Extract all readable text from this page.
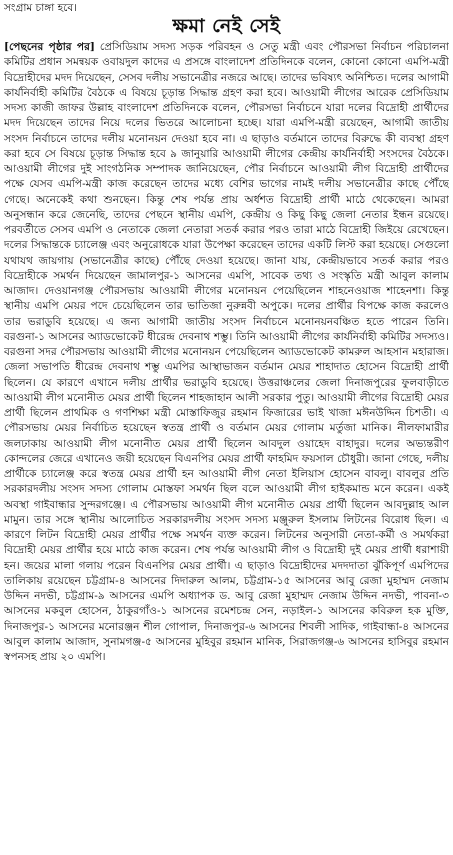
সংগ্রাম চাঙ্গা হবে।
ক্ষমা নেই সেই
[পেছনের পৃষ্ঠার পর] প্রেসিডিয়াম সদস্য সড়ক পরিবহন ও সেতু মন্ত্রী এবং পৌরসভা নির্বাচন পরিচালনা কমিটির প্রধান সমন্বয়ক ওবায়দুল কাদের এ প্রসঙ্গে বাংলাদেশ প্রতিদিনকে বলেন, কোনো কোনো এমপি-মন্ত্রী বিদ্রোহীদের মদদ দিয়েছেন, সেসব দলীয় সভানেত্রীর নজরে আছে। তাদের ভবিষ্যৎ অনিশ্চিত। দলের আগামী কার্যনির্বাহী কমিটির বৈঠকে এ বিষয়ে চূড়ান্ত সিদ্ধান্ত গ্রহণ করা হবে। আওয়ামী লীগের আরেক প্রেসিডিয়াম সদস্য কাজী জাফর উল্লাহ বাংলাদেশ প্রতিদিনকে বলেন, পৌরসভা নির্বাচনে যারা দলের বিদ্রোহী প্রার্থীদের মদদ দিয়েছেন তাদের নিয়ে দলের ভিতরে আলোচনা হচ্ছে। যারা এমপি-মন্ত্রী রয়েছেন, আগামী জাতীয় সংসদ নির্বাচনে তাদের দলীয় মনোনয়ন দেওয়া হবে না। এ ছাড়াও বর্তমানে তাদের বিরুদ্ধে কী ব্যবস্থা গ্রহণ করা হবে সে বিষয়ে চূড়ান্ত সিদ্ধান্ত হবে ৯ জানুয়ারি আওয়ামী লীগের কেন্দ্রীয় কার্যনির্বাহী সংসদের বৈঠকে। আওয়ামী লীগের দুই সাংগঠনিক সম্পাদক জানিয়েছেন, পৌর নির্বাচনে আওয়ামী লীগ বিদ্রোহী প্রার্থীদের পক্ষে যেসব এমপি-মন্ত্রী কাজ করেছেন তাদের মধ্যে বেশির ভাগের নামই দলীয় সভানেত্রীর কাছে পৌঁছে গেছে। অনেকেই কথা শুনছেন। কিন্তু শেষ পর্যন্ত প্রায় অর্ধশত বিদ্রোহী প্রার্থী মাঠে থেকেছেন। আমরা অনুসন্ধান করে জেনেছি, তাদের পেছনে স্থানীয় এমপি, কেন্দ্রীয় ও কিছু কিছু জেলা নেতার ইন্ধন রয়েছে। পরবর্তীতে সেসব এমপি ও নেতাকে জেলা নেতারা সতর্ক করার পরও তারা মাঠে বিদ্রোহী জিইয়ে রেখেছেন। দলের সিদ্ধান্তকে চ্যালেঞ্জ এবং অনুরোধকে যারা উপেক্ষা করেছেন তাদের একটি লিস্ট করা হয়েছে। সেগুলো যথাযথ জায়গায় (সভানেত্রীর কাছে) পৌঁছে দেওয়া হয়েছে। জানা যায়, কেন্দ্রীয়ভাবে সতর্ক করার পরও বিদ্রোহীকে সমর্থন দিয়েছেন জামালপুর-১ আসনের এমপি, সাবেক তথ্য ও সংস্কৃতি মন্ত্রী আবুল কালাম আজাদ। দেওয়ানগঞ্জ পৌরসভায় আওয়ামী লীগের মনোনয়ন পেয়েছিলেন শাহনেওয়াজ শাহেনশা। কিন্তু স্থানীয় এমপি মেয়র পদে চেয়েছিলেন তার ভাতিজা নুরুন্নবী অপুকে। দলের প্রার্থীর বিপক্ষে কাজ করলেও তার ভরাডুবি হয়েছে। এ জন্য আগামী জাতীয় সংসদ নির্বাচনে মনোনয়নবঞ্চিত হতে পারেন তিনি। বরগুনা-১ আসনের অ্যাডভোকেট ধীরেন্দ্র দেবনাথ শম্ভু। তিনি আওয়ামী লীগের কার্যনির্বাহী কমিটির সদস্যও। বরগুনা সদর পৌরসভায় আওয়ামী লীগের মনোনয়ন পেয়েছিলেন অ্যাডভোকেট কামরুল আহসান মহারাজ। জেলা সভাপতি ধীরেন্দ্র দেবনাথ শম্ভু এমপির আস্থাভাজন বর্তমান মেয়র শাহাদাত হোসেন বিদ্রোহী প্রার্থী ছিলেন। যে কারণে এখানে দলীয় প্রার্থীর ভরাডুবি হয়েছে। উত্তরাঞ্চলের জেলা দিনাজপুরের ফুলবাড়ীতে আওয়ামী লীগ মনোনীত মেয়র প্রার্থী ছিলেন শাহজাহান আলী সরকার পুতু। আওয়ামী লীগের বিদ্রোহী মেয়র প্রার্থী ছিলেন প্রাথমিক ও গণশিক্ষা মন্ত্রী মোস্তাফিজুর রহমান ফিজারের ভাই খাজা মঈনউদ্দিন চিশতী। এ পৌরসভায় মেয়র নির্বাচিত হয়েছেন স্বতন্ত্র প্রার্থী ও বর্তমান মেয়র গোলাম মর্তুজা মানিক। নীলফামারীর জলঢাকায় আওয়ামী লীগ মনোনীত মেয়র প্রার্থী ছিলেন আবদুল ওয়াহেদ বাহাদুর। দলের অভ্যন্তরীণ কোন্দলের জেরে এখানেও জয়ী হয়েছেন বিএনপির মেয়র প্রার্থী ফাহমিদ ফয়সাল চৌধুরী। জানা গেছে, দলীয় প্রার্থীকে চ্যালেঞ্জ করে স্বতন্ত্র মেয়র প্রার্থী হন আওয়ামী লীগ নেতা ইলিয়াস হোসেন বাবলু। বাবলুর প্রতি সরকারদলীয় সংসদ সদস্য গোলাম মোস্তফা সমর্থন ছিল বলে আওয়ামী লীগ হাইকমান্ড মনে করেন। একই অবস্থা গাইবান্ধার সুন্দরগঞ্জে। এ পৌরসভায় আওয়ামী লীগ মনোনীত মেয়র প্রার্থী ছিলেন আবদুল্লাহ আল মামুন। তার সঙ্গে স্থানীয় আলোচিত সরকারদলীয় সংসদ সদস্য মঞ্জুরুল ইসলাম লিটনের বিরোধ ছিল। এ কারণে লিটন বিদ্রোহী মেয়র প্রার্থীর পক্ষে সমর্থন ব্যক্ত করেন। লিটনের অনুসারী নেতা-কর্মী ও সমর্থকরা বিদ্রোহী মেয়র প্রার্থীর হয়ে মাঠে কাজ করেন। শেষ পর্যন্ত আওয়ামী লীগ ও বিদ্রোহী দুই মেয়র প্রার্থী ধরাশায়ী হন। জয়ের মালা গলায় পরেন বিএনপির মেয়র প্রার্থী। এ ছাড়াও বিদ্রোহীদের মদদদাতা ঝুঁকিপূর্ণ এমপিদের তালিকায় রয়েছেন চট্টগ্রাম-৪ আসনের দিদারুল আলম, চট্টগ্রাম-১৫ আসনের আবু রেজা মুহাম্মদ নেজাম উদ্দিন নদভী, চট্টগ্রাম-৯ আসনের এমপি অধ্যাপক ড. আবু রেজা মুহাম্মদ নেজাম উদ্দিন নদভী, পাবনা-৩ আসনের মকবুল হোসেন, ঠাকুরগাঁও-১ আসনের রমেশচন্দ্র সেন, নড়াইল-১ আসনের কবিরুল হক মুক্তি, দিনাজপুর-১ আসনের মনোরঞ্জন শীল গোপাল, দিনাজপুর-৬ আসনের শিবলী সাদিক, গাইবান্ধা-৪ আসনের আবুল কালাম আজাদ, সুনামগঞ্জ-৫ আসনের মুহিবুর রহমান মানিক, সিরাজগঞ্জ-৬ আসনের হাসিবুর রহমান স্বপনসহ প্রায় ২০ এমপি।
